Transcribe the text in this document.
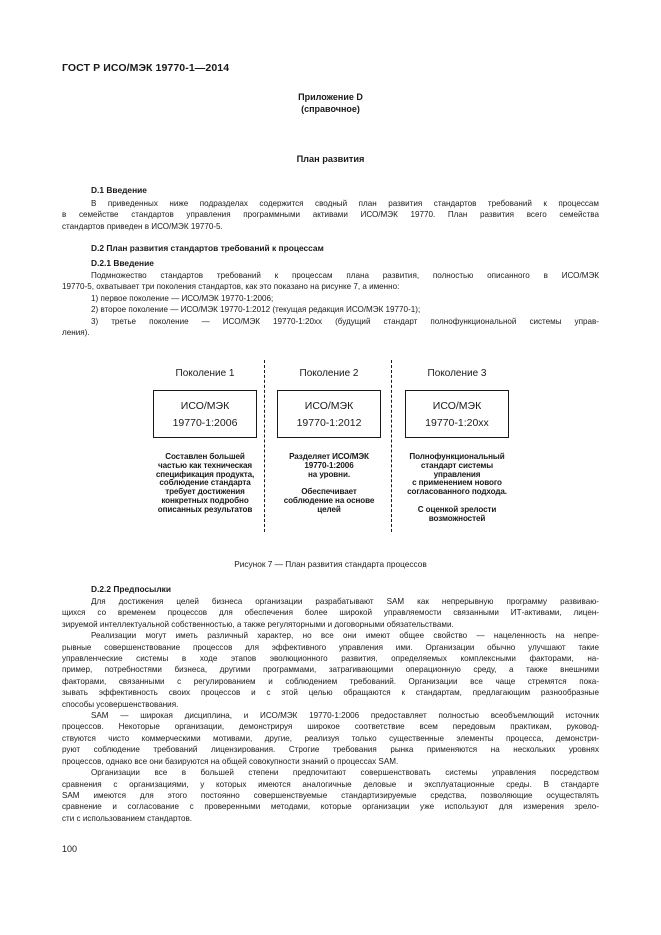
ГОСТ Р ИСО/МЭК 19770-1—2014
Приложение D
(справочное)
План развития
D.1 Введение
В приведенных ниже подразделах содержится сводный план развития стандартов требований к процессам
в семействе стандартов управления программными активами ИСО/МЭК 19770. План развития всего семейства
стандартов приведен в ИСО/МЭК 19770-5.
D.2 План развития стандартов требований к процессам
D.2.1 Введение
Подмножество стандартов требований к процессам плана развития, полностью описанного в ИСО/МЭК
19770-5, охватывает три поколения стандартов, как это показано на рисунке 7, а именно:
1) первое поколение — ИСО/МЭК 19770-1:2006;
2) второе поколение — ИСО/МЭК 19770-1:2012 (текущая редакция ИСО/МЭК 19770-1);
3) третье поколение — ИСО/МЭК 19770-1:20xx (будущий стандарт полнофункциональной системы управ-
ления).
Поколение 1
ИСО/МЭК
19770-1:2006
Составлен большей
частью как техническая
спецификация продукта,
соблюдение стандарта
требует достижения
конкретных подробно
описанных результатов
Поколение 2
ИСО/МЭК
19770-1:2012
Разделяет ИСО/МЭК
19770-1:2006
на уровни.
Обеспечивает
соблюдение на основе
целей
Поколение 3
ИСО/МЭК
19770-1:20xx
Полнофункциональный
стандарт системы
управления
с применением нового
согласованного подхода.
С оценкой зрелости
возможностей
Рисунок 7 — План развития стандарта процессов
D.2.2 Предпосылки
Для достижения целей бизнеса организации разрабатывают SAM как непрерывную программу развиваю-
щихся со временем процессов для обеспечения более широкой управляемости связанными ИТ-активами, лицен-
зируемой интеллектуальной собственностью, а также регуляторными и договорными обязательствами.
Реализации могут иметь различный характер, но все они имеют общее свойство — нацеленность на непре-
рывные совершенствование процессов для эффективного управления ими. Организации обычно улучшают такие
управленческие системы в ходе этапов эволюционного развития, определяемых комплексными факторами, на-
пример, потребностями бизнеса, другими программами, затрагивающими операционную среду, а также внешними
факторами, связанными с регулированием и соблюдением требований. Организации все чаще стремятся пока-
зывать эффективность своих процессов и с этой целью обращаются к стандартам, предлагающим разнообразные
способы усовершенствования.
SAM — широкая дисциплина, и ИСО/МЭК 19770-1:2006 предоставляет полностью всеобъемлющий источник
процессов. Некоторые организации, демонстрируя широкое соответствие всем передовым практикам, руковод-
ствуются чисто коммерческими мотивами, другие, реализуя только существенные элементы процесса, демонстри-
руют соблюдение требований лицензирования. Строгие требования рынка применяются на нескольких уровнях
процессов, однако все они базируются на общей совокупности знаний о процессах SAM.
Организации все в большей степени предпочитают совершенствовать системы управления посредством
сравнения с организациями, у которых имеются аналогичные деловые и эксплуатационные среды. В стандарте
SAM имеются для этого постоянно совершенствуемые стандартизируемые средства, позволяющие осуществлять
сравнение и согласование с проверенными методами, которые организации уже используют для измерения зрело-
сти с использованием стандартов.
100
